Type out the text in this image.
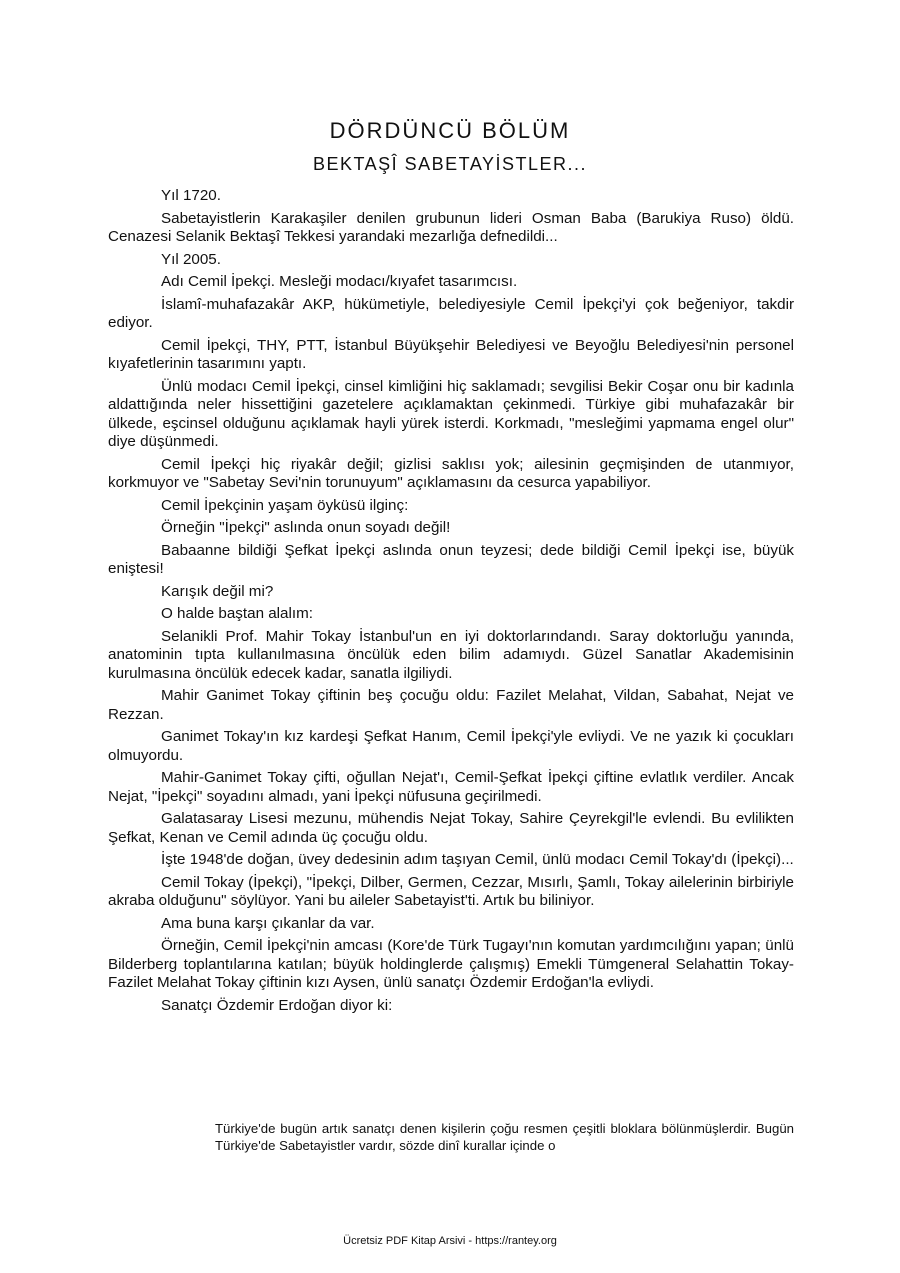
DÖRDÜNCÜ BÖLÜM
BEKTAŞÎ SABETAYİSTLER...

Yıl 1720.

Sabetayistlerin Karakaşiler denilen grubunun lideri Osman Baba (Barukiya Ruso) öldü. Cenazesi Selanik Bektaşî Tekkesi yarandaki mezarlığa defnedildi...

Yıl 2005.

Adı Cemil İpekçi. Mesleği modacı/kıyafet tasarımcısı.

İslamî-muhafazakâr AKP, hükümetiyle, belediyesiyle Cemil İpekçi'yi çok beğeniyor, takdir ediyor.

Cemil İpekçi, THY, PTT, İstanbul Büyükşehir Belediyesi ve Beyoğlu Belediyesi'nin personel kıyafetlerinin tasarımını yaptı.

Ünlü modacı Cemil İpekçi, cinsel kimliğini hiç saklamadı; sevgilisi Bekir Coşar onu bir kadınla aldattığında neler hissettiğini gazetelere açıklamaktan çekinmedi. Türkiye gibi muhafazakâr bir ülkede, eşcinsel olduğunu açıklamak hayli yürek isterdi. Korkmadı, "mesleğimi yapmama engel olur" diye düşünmedi.

Cemil İpekçi hiç riyakâr değil; gizlisi saklısı yok; ailesinin geçmişinden de utanmıyor, korkmuyor ve "Sabetay Sevi'nin torunuyum" açıklamasını da cesurca yapabiliyor.

Cemil İpekçinin yaşam öyküsü ilginç:

Örneğin "İpekçi" aslında onun soyadı değil!

Babaanne bildiği Şefkat İpekçi aslında onun teyzesi; dede bildiği Cemil İpekçi ise, büyük eniştesi!

Karışık değil mi?

O halde baştan alalım:

Selanikli Prof. Mahir Tokay İstanbul'un en iyi doktorlarındandı. Saray doktorluğu yanında, anatominin tıpta kullanılmasına öncülük eden bilim adamıydı. Güzel Sanatlar Akademisinin kurulmasına öncülük edecek kadar, sanatla ilgiliydi.

Mahir Ganimet Tokay çiftinin beş çocuğu oldu: Fazilet Melahat, Vildan, Sabahat, Nejat ve Rezzan.

Ganimet Tokay'ın kız kardeşi Şefkat Hanım, Cemil İpekçi'yle evliydi. Ve ne yazık ki çocukları olmuyordu.

Mahir-Ganimet Tokay çifti, oğullan Nejat'ı, Cemil-Şefkat İpekçi çiftine evlatlık verdiler. Ancak Nejat, "İpekçi" soyadını almadı, yani İpekçi nüfusuna geçirilmedi.

Galatasaray Lisesi mezunu, mühendis Nejat Tokay, Sahire Çeyrekgil'le evlendi. Bu evlilikten Şefkat, Kenan ve Cemil adında üç çocuğu oldu.

İşte 1948'de doğan, üvey dedesinin adım taşıyan Cemil, ünlü modacı Cemil Tokay'dı (İpekçi)...

Cemil Tokay (İpekçi), "İpekçi, Dilber, Germen, Cezzar, Mısırlı, Şamlı, Tokay ailelerinin birbiriyle akraba olduğunu" söylüyor. Yani bu aileler Sabetayist'ti. Artık bu biliniyor.

Ama buna karşı çıkanlar da var.

Örneğin, Cemil İpekçi'nin amcası (Kore'de Türk Tugayı'nın komutan yardımcılığını yapan; ünlü Bilderberg toplantılarına katılan; büyük holdinglerde çalışmış) Emekli Tümgeneral Selahattin Tokay-Fazilet Melahat Tokay çiftinin kızı Aysen, ünlü sanatçı Özdemir Erdoğan'la evliydi.

Sanatçı Özdemir Erdoğan diyor ki:

Türkiye'de bugün artık sanatçı denen kişilerin çoğu resmen çeşitli bloklara bölünmüşlerdir. Bugün Türkiye'de Sabetayistler vardır, sözde dinî kurallar içinde o

Ücretsiz PDF Kitap Arsivi - https://rantey.org
